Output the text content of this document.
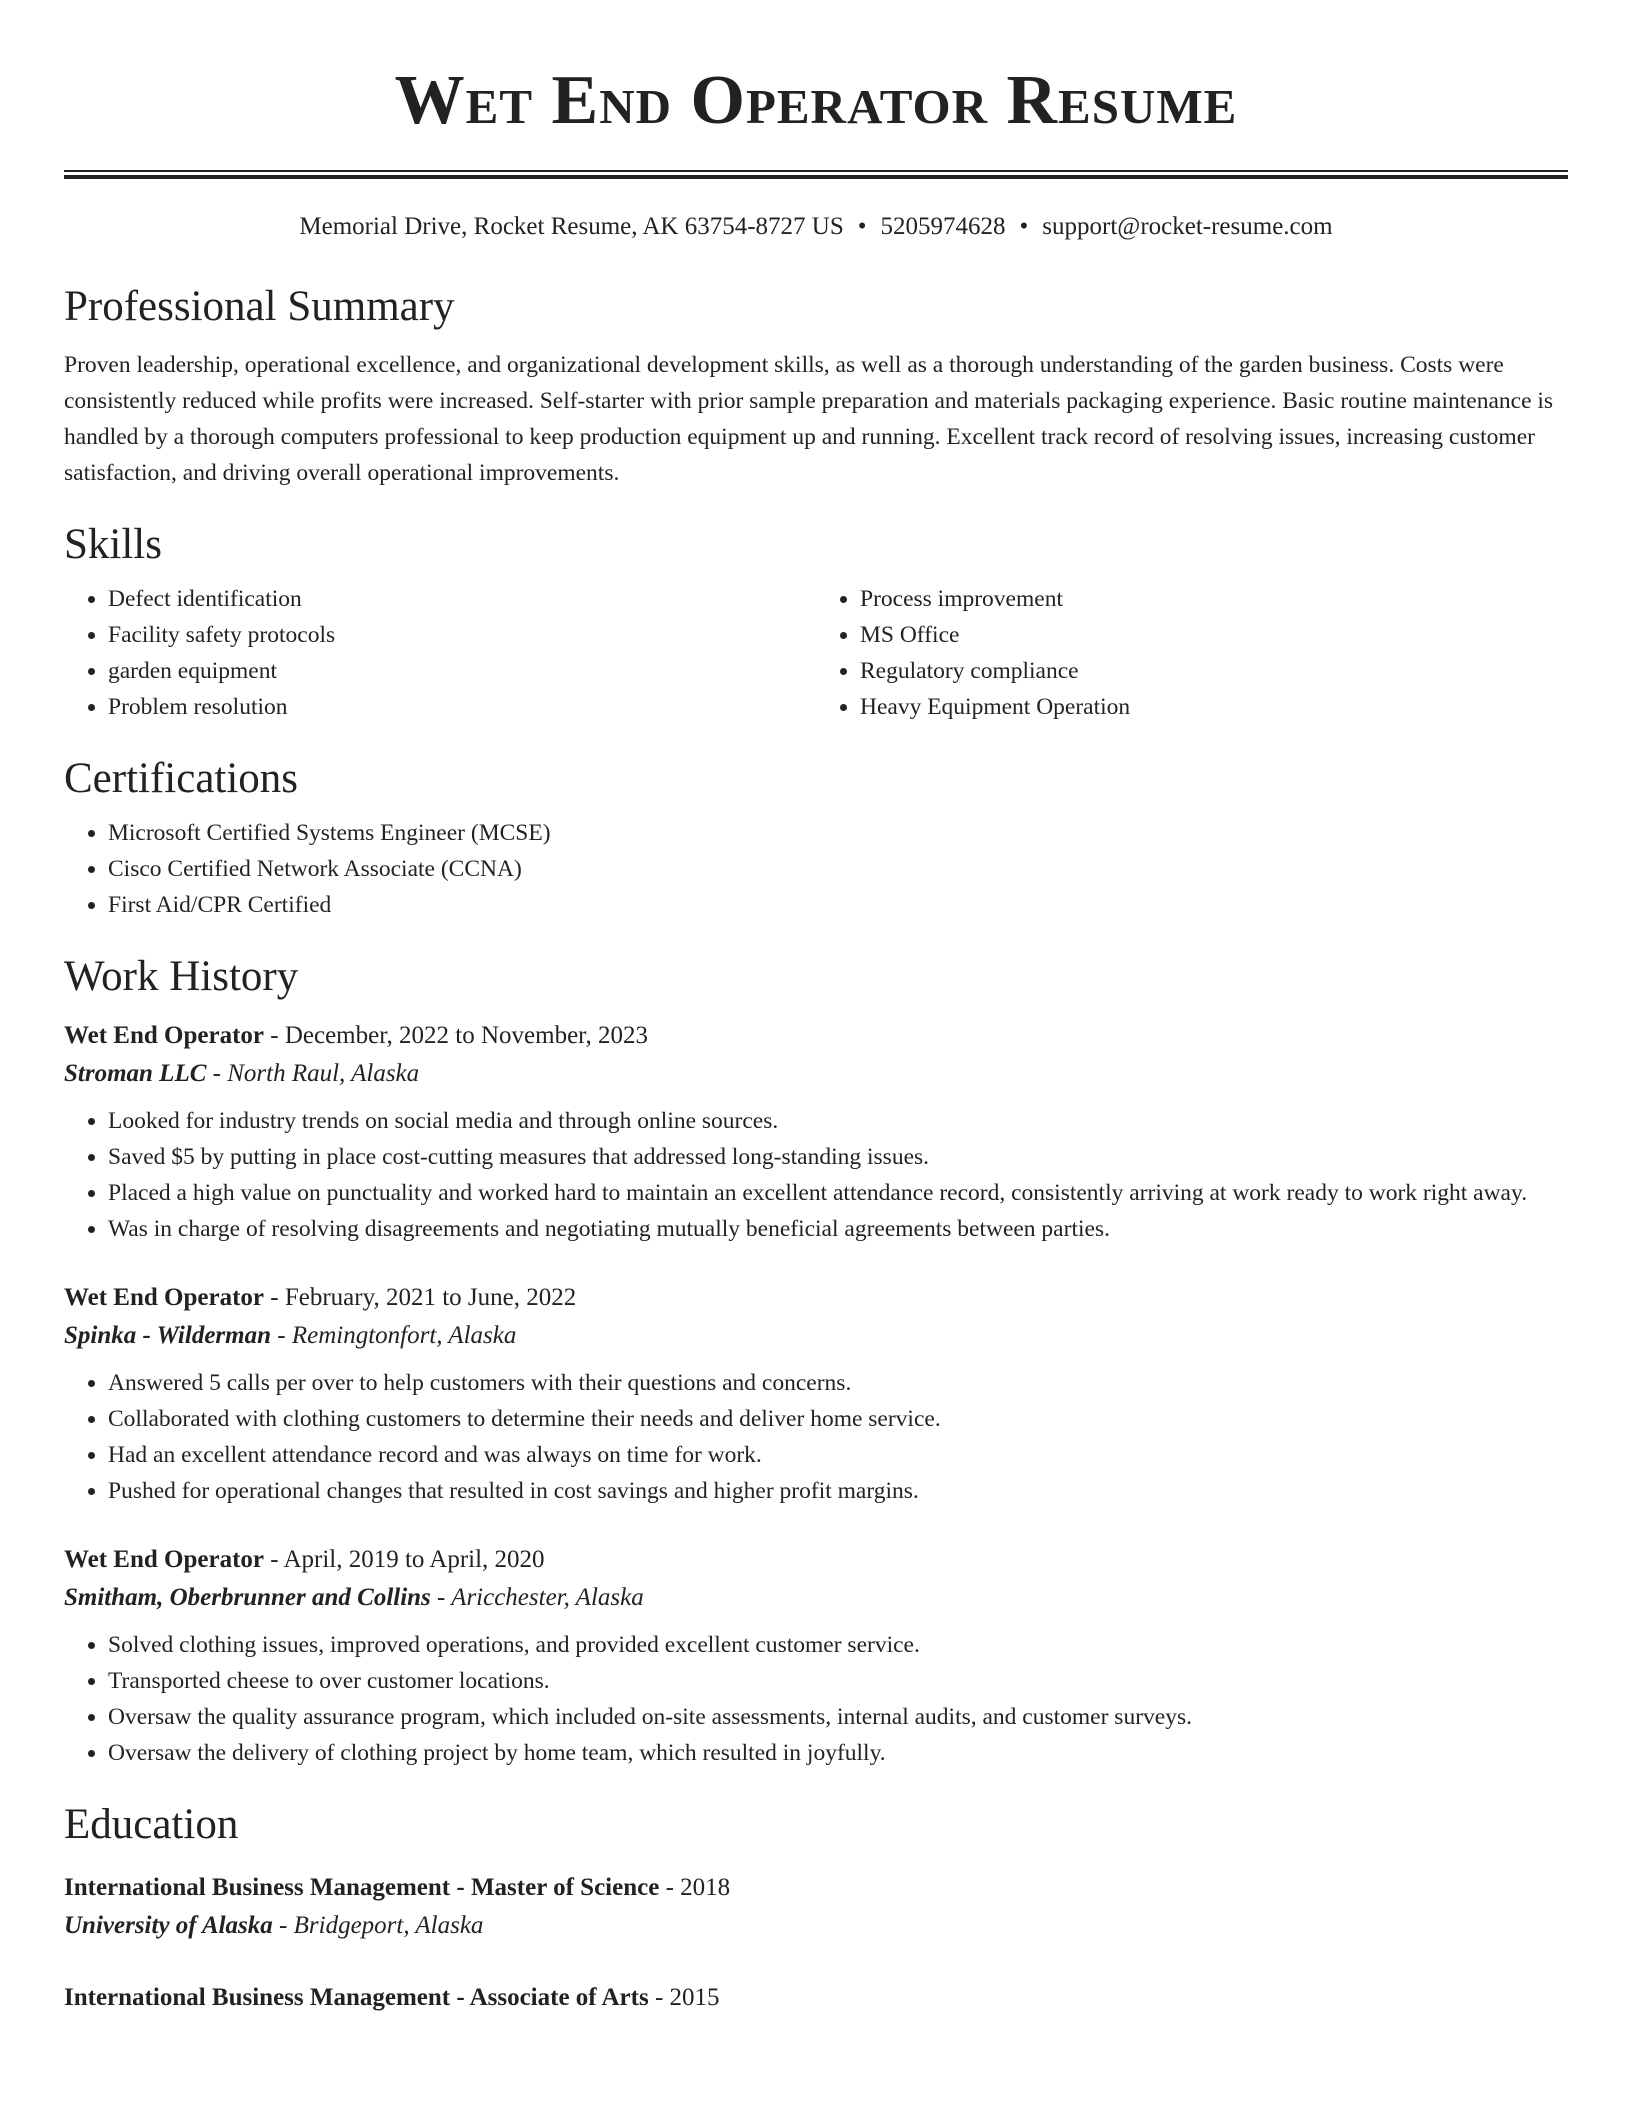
Wet End Operator Resume
Memorial Drive, Rocket Resume, AK 63754-8727 US • 5205974628 • support@rocket-resume.com
Professional Summary

Proven leadership, operational excellence, and organizational development skills, as well as a thorough understanding of the garden business. Costs were consistently reduced while profits were increased. Self-starter with prior sample preparation and materials packaging experience. Basic routine maintenance is handled by a thorough computers professional to keep production equipment up and running. Excellent track record of resolving issues, increasing customer satisfaction, and driving overall operational improvements.

Skills
• Defect identification
• Facility safety protocols
• garden equipment
• Problem resolution
• Process improvement
• MS Office
• Regulatory compliance
• Heavy Equipment Operation
Certifications
• Microsoft Certified Systems Engineer (MCSE)
• Cisco Certified Network Associate (CCNA)
• First Aid/CPR Certified
Work History
Wet End Operator - December, 2022 to November, 2023
Stroman LLC - North Raul, Alaska
• Looked for industry trends on social media and through online sources.
• Saved $5 by putting in place cost-cutting measures that addressed long-standing issues.
• Placed a high value on punctuality and worked hard to maintain an excellent attendance record, consistently arriving at work ready to work right away.
• Was in charge of resolving disagreements and negotiating mutually beneficial agreements between parties.
Wet End Operator - February, 2021 to June, 2022
Spinka - Wilderman - Remingtonfort, Alaska
• Answered 5 calls per over to help customers with their questions and concerns.
• Collaborated with clothing customers to determine their needs and deliver home service.
• Had an excellent attendance record and was always on time for work.
• Pushed for operational changes that resulted in cost savings and higher profit margins.
Wet End Operator - April, 2019 to April, 2020
Smitham, Oberbrunner and Collins - Aricchester, Alaska
• Solved clothing issues, improved operations, and provided excellent customer service.
• Transported cheese to over customer locations.
• Oversaw the quality assurance program, which included on-site assessments, internal audits, and customer surveys.
• Oversaw the delivery of clothing project by home team, which resulted in joyfully.
Education
International Business Management - Master of Science - 2018
University of Alaska - Bridgeport, Alaska
International Business Management - Associate of Arts - 2015
